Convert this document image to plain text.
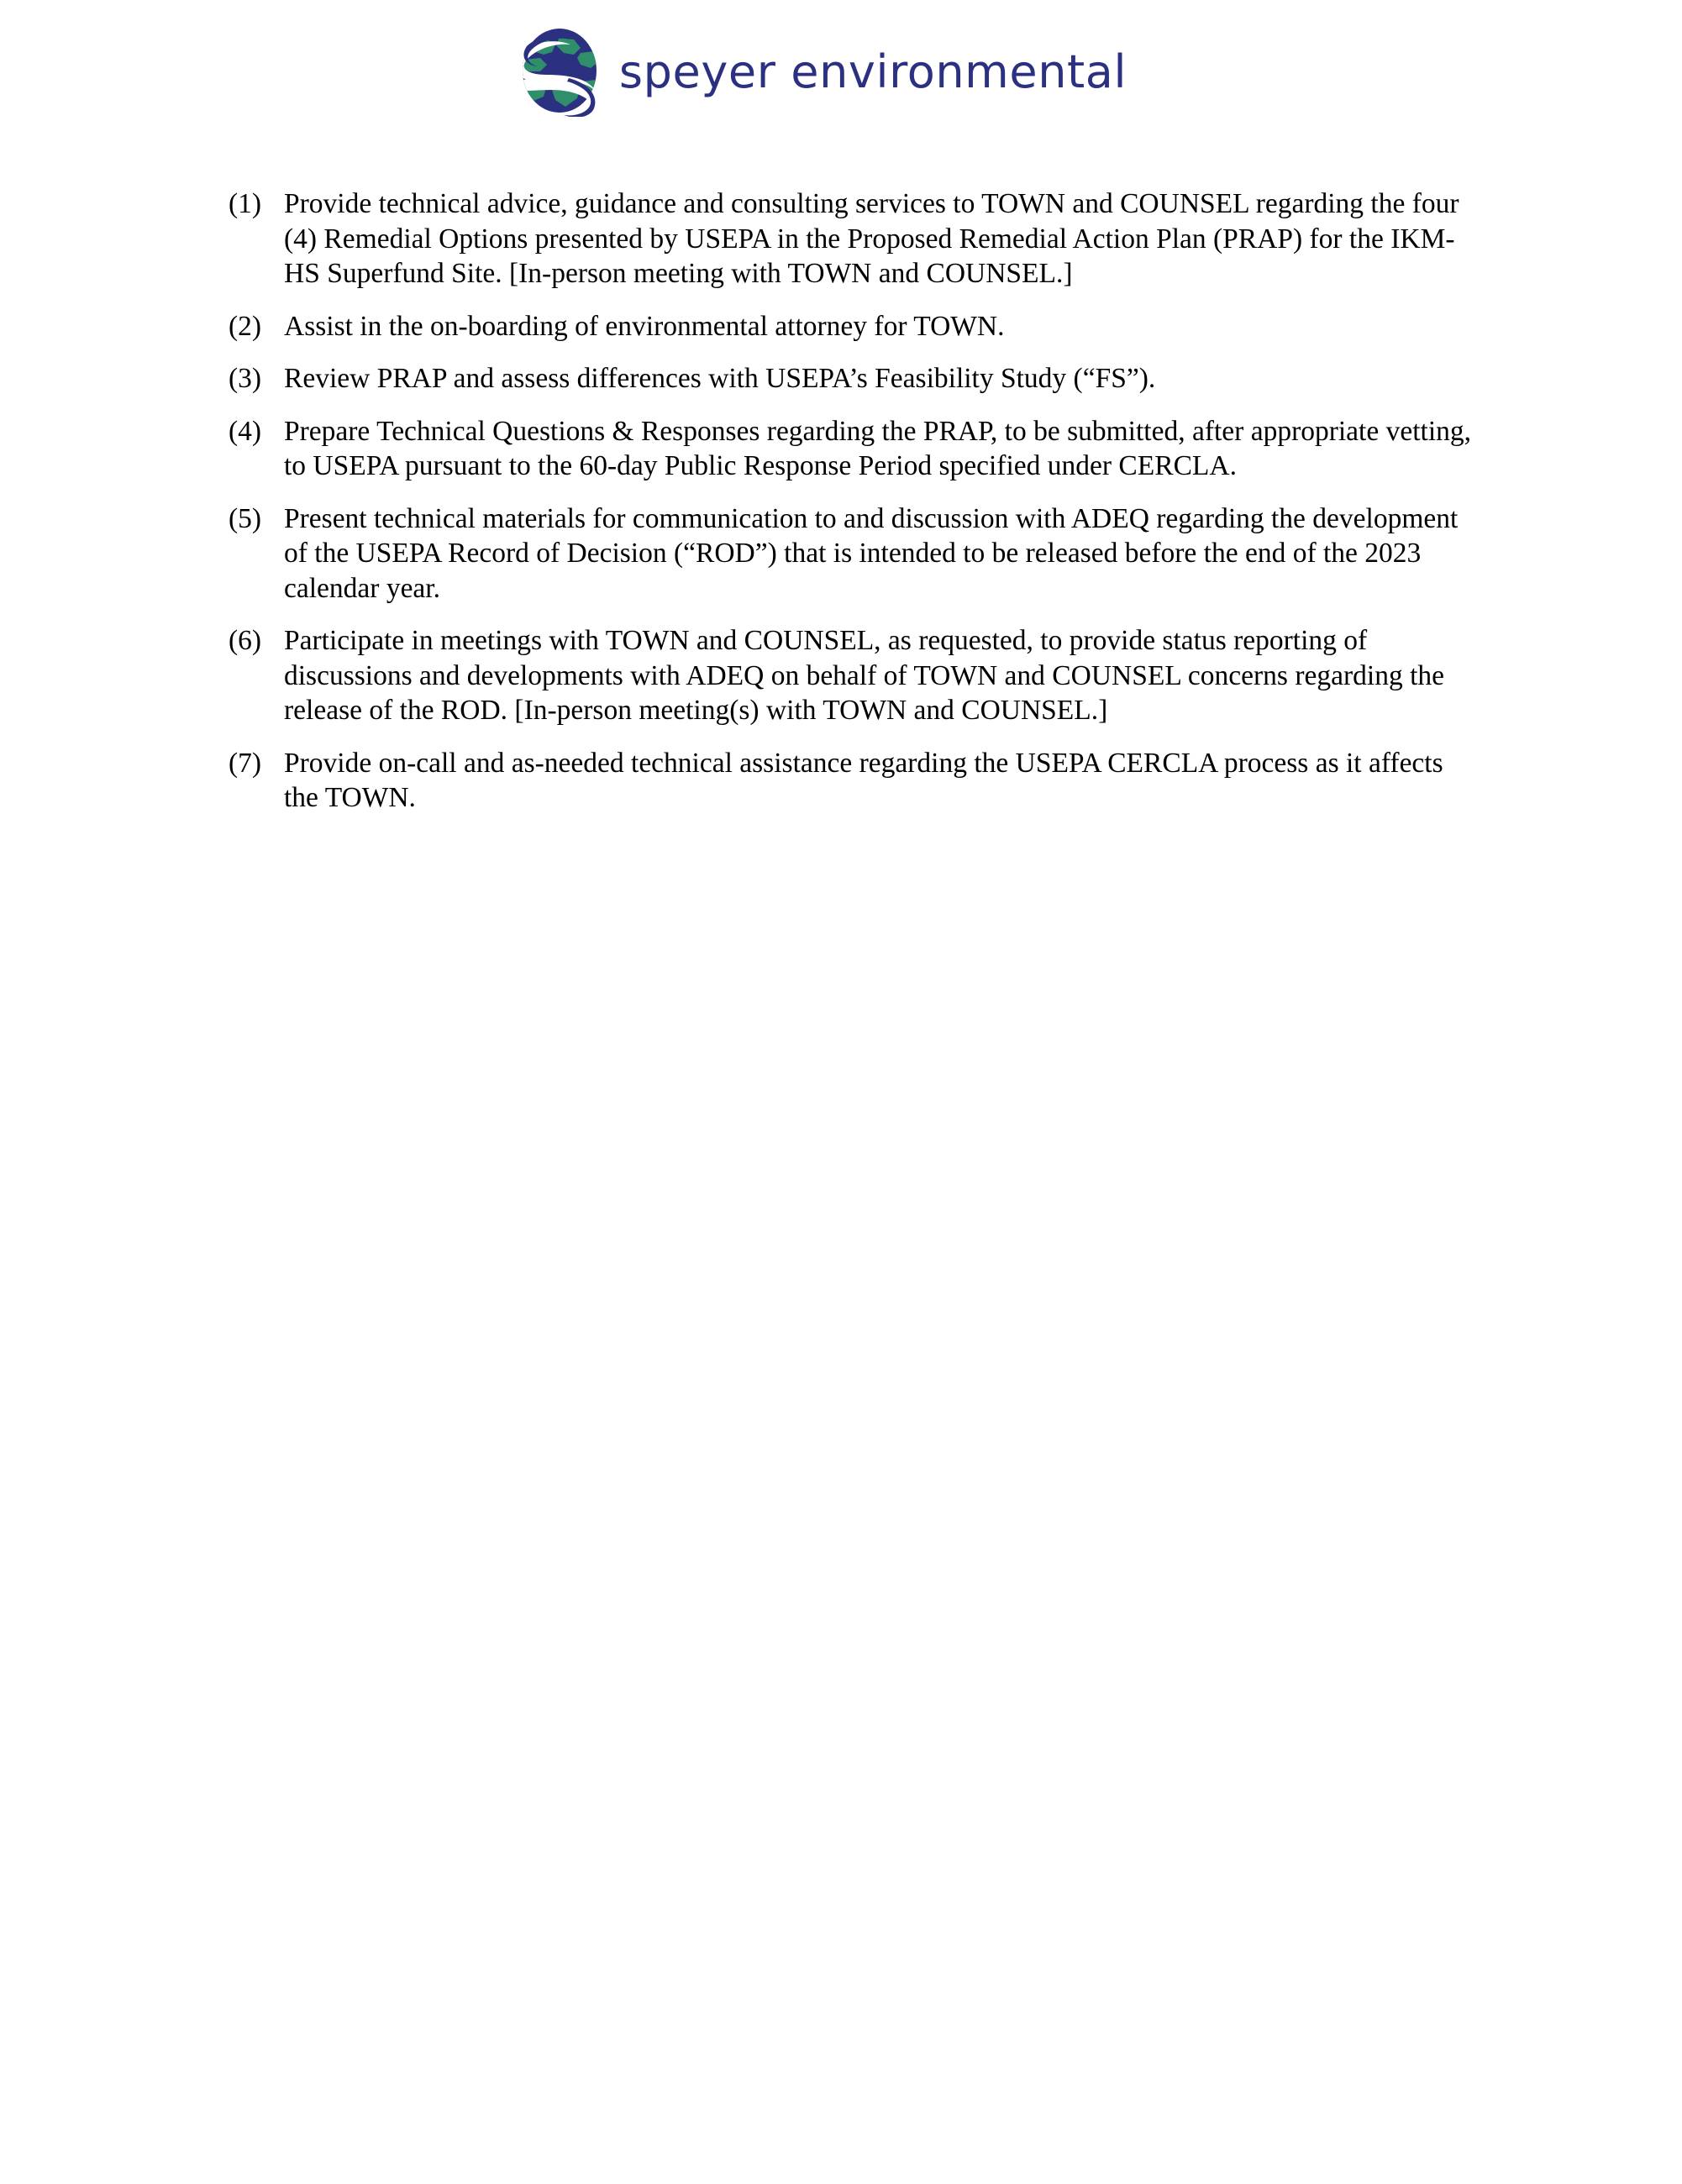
speyer environmental
(1) Provide technical advice, guidance and consulting services to TOWN and COUNSEL regarding the four (4) Remedial Options presented by USEPA in the Proposed Remedial Action Plan (PRAP) for the IKM-HS Superfund Site. [In-person meeting with TOWN and COUNSEL.]
(2) Assist in the on-boarding of environmental attorney for TOWN.
(3) Review PRAP and assess differences with USEPA’s Feasibility Study (“FS”).
(4) Prepare Technical Questions & Responses regarding the PRAP, to be submitted, after appropriate vetting, to USEPA pursuant to the 60-day Public Response Period specified under CERCLA.
(5) Present technical materials for communication to and discussion with ADEQ regarding the development of the USEPA Record of Decision (“ROD”) that is intended to be released before the end of the 2023 calendar year.
(6) Participate in meetings with TOWN and COUNSEL, as requested, to provide status reporting of discussions and developments with ADEQ on behalf of TOWN and COUNSEL concerns regarding the release of the ROD. [In-person meeting(s) with TOWN and COUNSEL.]
(7) Provide on-call and as-needed technical assistance regarding the USEPA CERCLA process as it affects the TOWN.
